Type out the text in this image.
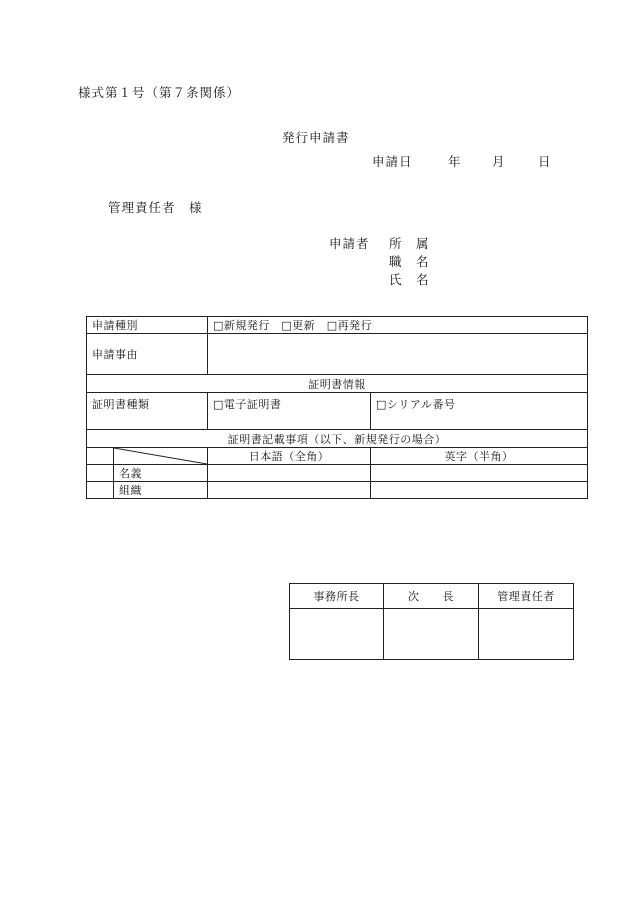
様式第１号（第７条関係）
発行申請書
申請日	年 月	日
管理責任者　様
申請者 所　属
職　名
氏　名
申請種別		□新規発行　□更新　□再発行	
申請事由			
証明書情報			
証明書種類		□電子証明書	□シリアル番号
証明書記載事項（以下、新規発行の場合）			

	日本語（全角）	英字（半角）
	名義		
	組織		
事務所長	次　　長	管理責任者
